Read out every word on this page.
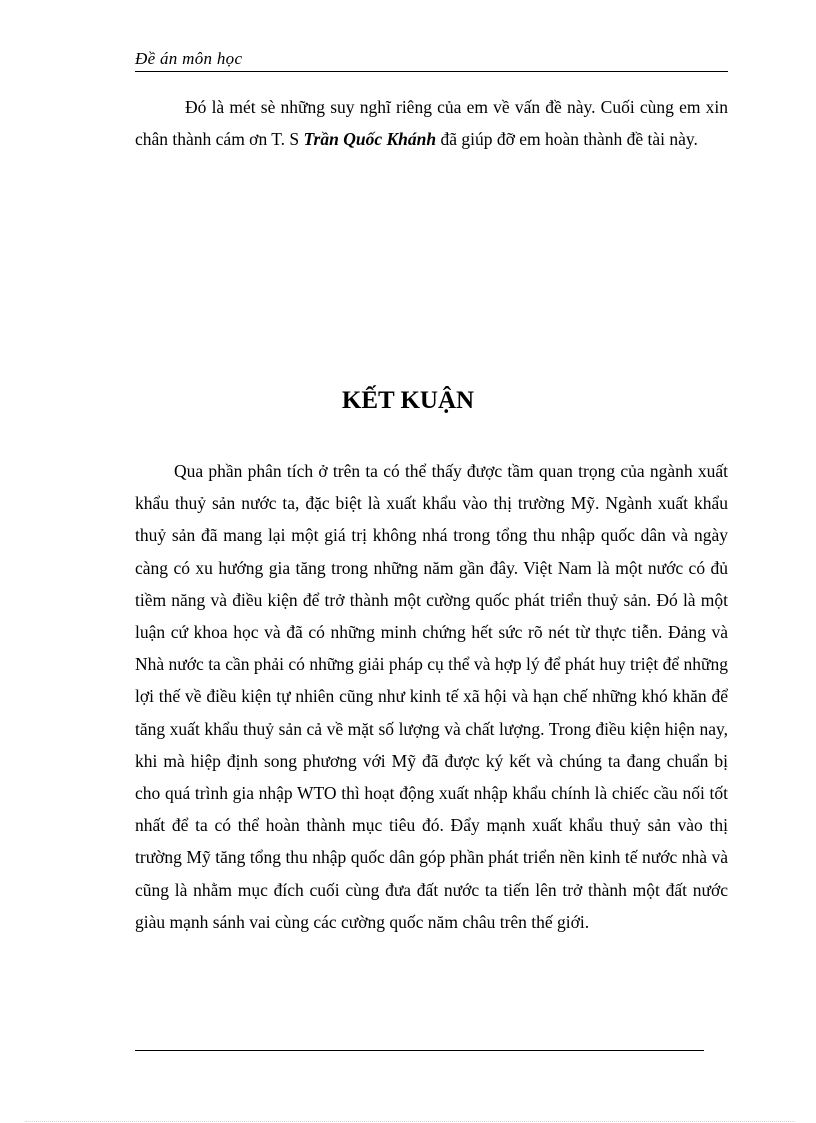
Đề án môn học

Đó là mét sè những suy nghĩ riêng của em về vấn đề này. Cuối cùng em xin chân thành cám ơn T. S Trần Quốc Khánh đã giúp đỡ em hoàn thành đề tài này.

KẾT KUẬN

Qua phần phân tích ở trên ta có thể thấy được tầm quan trọng của ngành xuất khẩu thuỷ sản nước ta, đặc biệt là xuất khẩu vào thị trường Mỹ. Ngành xuất khẩu thuỷ sản đã mang lại một giá trị không nhá trong tổng thu nhập quốc dân và ngày càng có xu hướng gia tăng trong những năm gần đây. Việt Nam là một nước có đủ tiềm năng và điều kiện để trở thành một cường quốc phát triển thuỷ sản. Đó là một luận cứ khoa học và đã có những minh chứng hết sức rõ nét từ thực tiễn. Đảng và Nhà nước ta cần phải có những giải pháp cụ thể và hợp lý để phát huy triệt để những lợi thế về điều kiện tự nhiên cũng như kinh tế xã hội và hạn chế những khó khăn để tăng xuất khẩu thuỷ sản cả về mặt số lượng và chất lượng. Trong điều kiện hiện nay, khi mà hiệp định song phương với Mỹ đã được ký kết và chúng ta đang chuẩn bị cho quá trình gia nhập WTO thì hoạt động xuất nhập khẩu chính là chiếc cầu nối tốt nhất để ta có thể hoàn thành mục tiêu đó. Đẩy mạnh xuất khẩu thuỷ sản vào thị trường Mỹ tăng tổng thu nhập quốc dân góp phần phát triển nền kinh tế nước nhà và cũng là nhằm mục đích cuối cùng đưa đất nước ta tiến lên trở thành một đất nước giàu mạnh sánh vai cùng các cường quốc năm châu trên thế giới.
